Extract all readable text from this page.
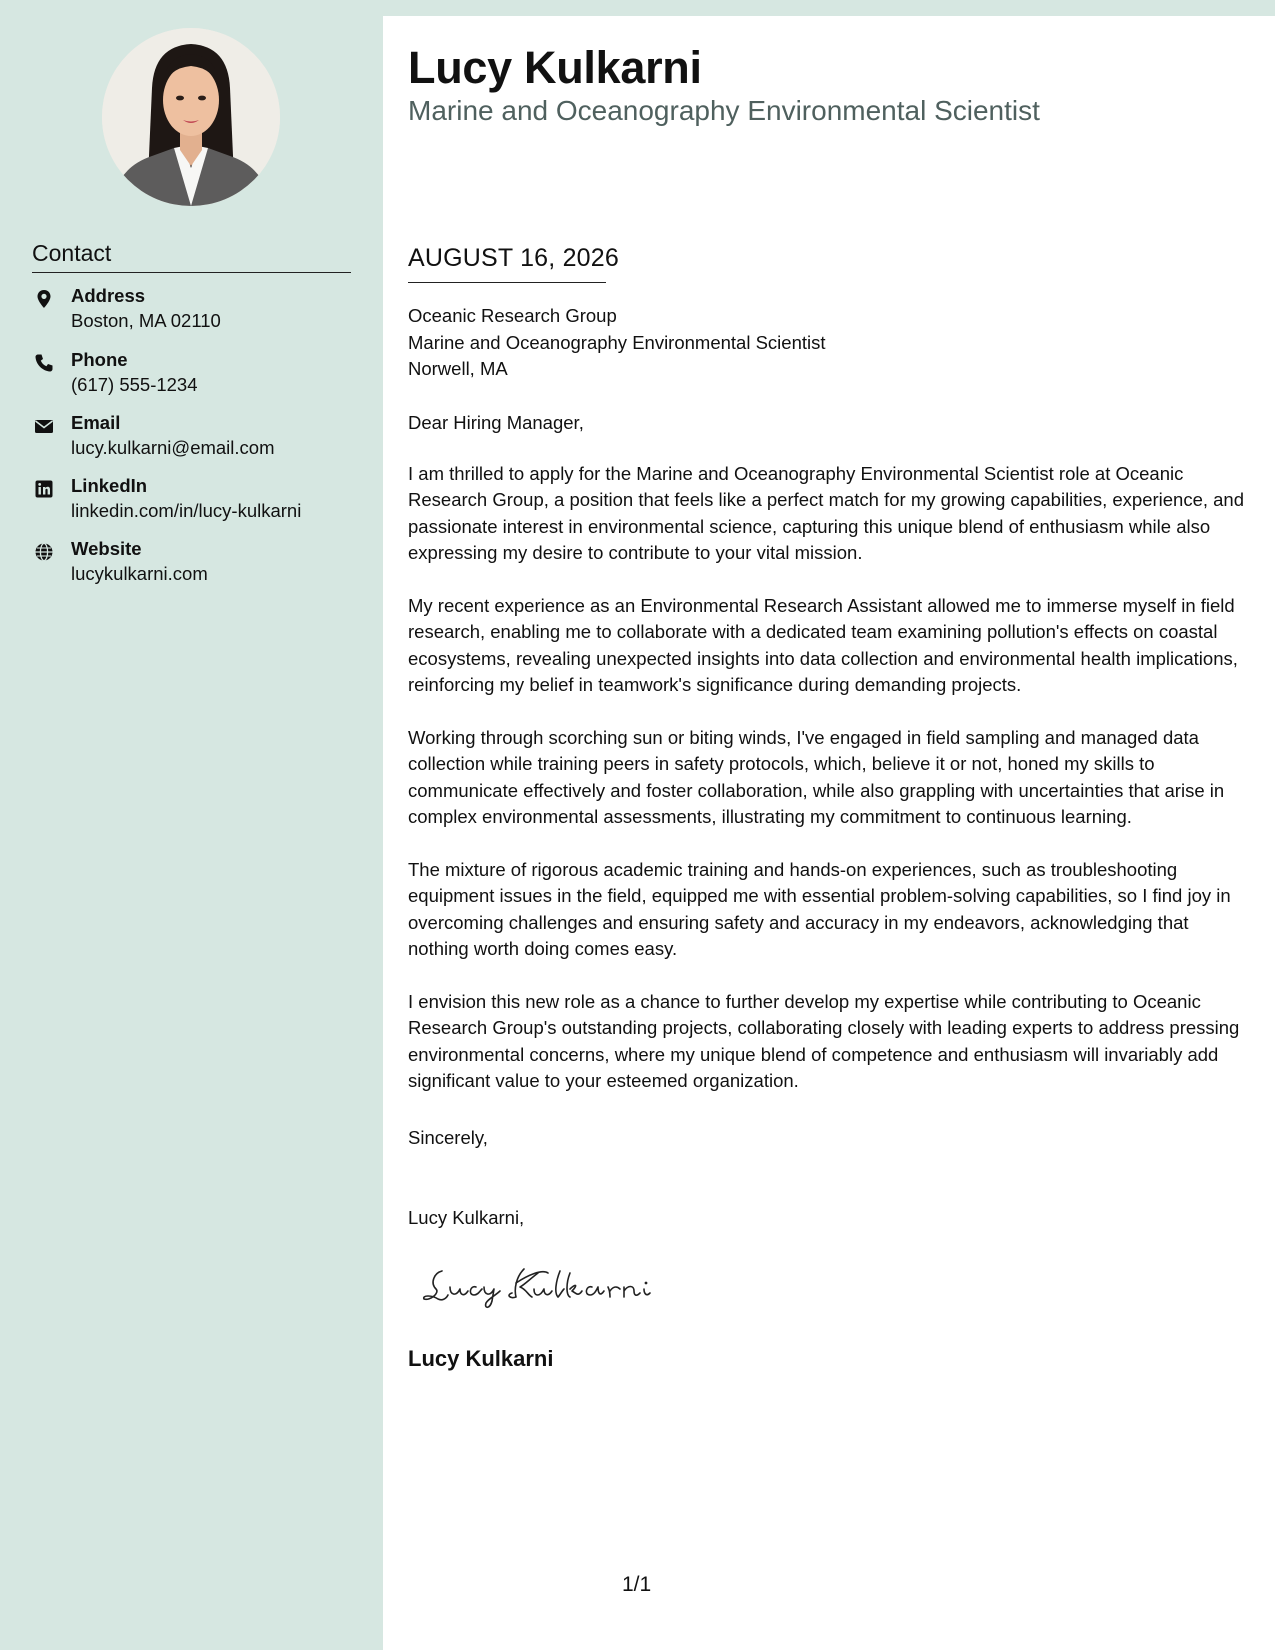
Contact
Address
Boston, MA 02110
Phone
(617) 555-1234
Email
lucy.kulkarni@email.com
LinkedIn
linkedin.com/in/lucy-kulkarni
Website
lucykulkarni.com
Lucy Kulkarni
Marine and Oceanography Environmental Scientist
AUGUST 16, 2026
Oceanic Research Group
Marine and Oceanography Environmental Scientist
Norwell, MA
Dear Hiring Manager,
I am thrilled to apply for the Marine and Oceanography Environmental Scientist role at Oceanic Research Group, a position that feels like a perfect match for my growing capabilities, experience, and passionate interest in environmental science, capturing this unique blend of enthusiasm while also expressing my desire to contribute to your vital mission.
My recent experience as an Environmental Research Assistant allowed me to immerse myself in field research, enabling me to collaborate with a dedicated team examining pollution's effects on coastal ecosystems, revealing unexpected insights into data collection and environmental health implications, reinforcing my belief in teamwork's significance during demanding projects.
Working through scorching sun or biting winds, I've engaged in field sampling and managed data collection while training peers in safety protocols, which, believe it or not, honed my skills to communicate effectively and foster collaboration, while also grappling with uncertainties that arise in complex environmental assessments, illustrating my commitment to continuous learning.
The mixture of rigorous academic training and hands-on experiences, such as troubleshooting equipment issues in the field, equipped me with essential problem-solving capabilities, so I find joy in overcoming challenges and ensuring safety and accuracy in my endeavors, acknowledging that nothing worth doing comes easy.
I envision this new role as a chance to further develop my expertise while contributing to Oceanic Research Group's outstanding projects, collaborating closely with leading experts to address pressing environmental concerns, where my unique blend of competence and enthusiasm will invariably add significant value to your esteemed organization.
Sincerely,
Lucy Kulkarni,
Lucy Kulkarni
1/1
